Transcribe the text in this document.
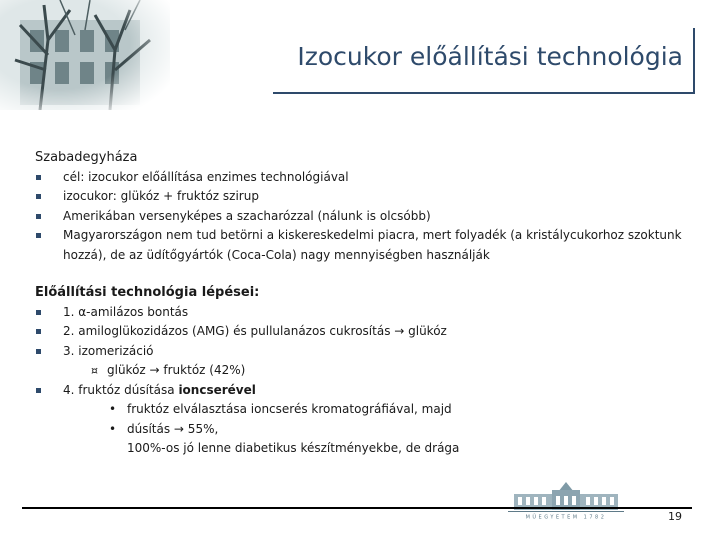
Izocukor előállítási technológia
Szabadegyháza
cél: izocukor előállítása enzimes technológiával
izocukor: glükóz + fruktóz szirup
Amerikában versenyképes a szacharózzal (nálunk is olcsóbb)
Magyarországon nem tud betörni a kiskereskedelmi piacra, mert folyadék (a kristálycukorhoz szoktunk hozzá), de az üdítőgyártók (Coca-Cola) nagy mennyiségben használják
Előállítási technológia lépései:
1. α-amilázos bontás
2. amiloglükozidázos (AMG) és pullulanázos cukrosítás → glükóz
3. izomerizáció
¤ glükóz → fruktóz (42%)
4. fruktóz dúsítása ioncserével
• fruktóz elválasztása ioncserés kromatográfiával, majd
• dúsítás → 55%,
100%-os jó lenne diabetikus készítményekbe, de drága
MŰEGYETEM 1782	19
